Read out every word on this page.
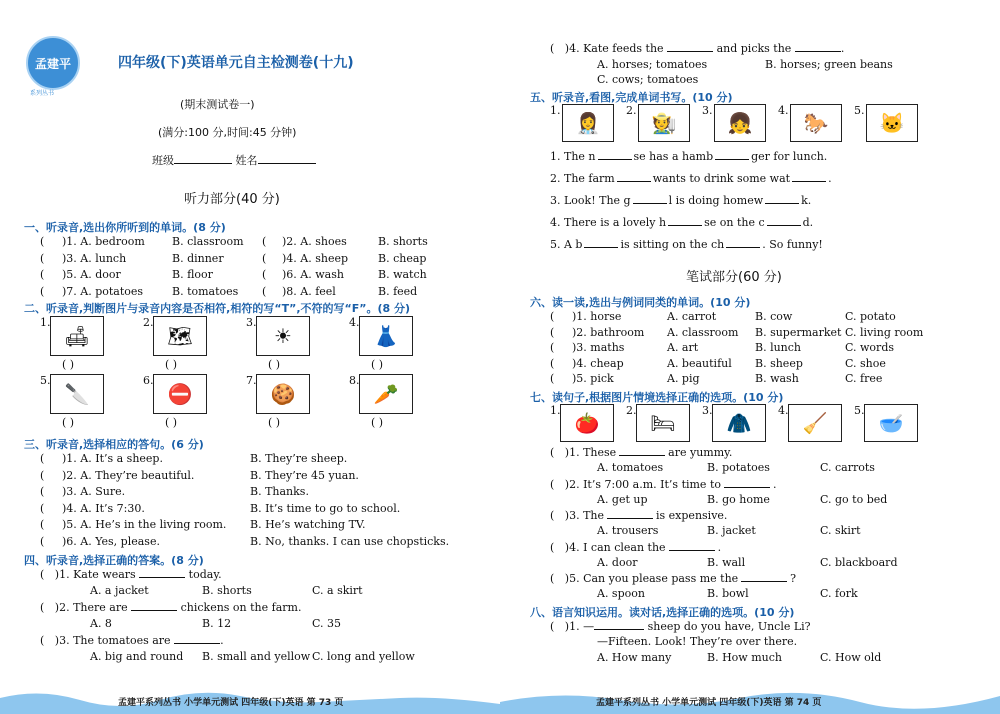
孟建平
系列丛书
四年级(下)英语单元自主检测卷(十九)
(期末测试卷一)
(满分:100 分,时间:45 分钟)
班级	姓名
听力部分(40 分)
一、听录音,选出你所听到的单词。(8 分)
( )1. A. bedroom B. classroom ( )2. A. shoes	B. shorts
( )3. A. lunch	B. dinner	( )4. A. sheep	B. cheap
( )5. A. door	B. floor	( )6. A. wash	B. watch
( )7. A. potatoes	B. tomatoes ( )8. A. feel	B. feed
二、听录音,判断图片与录音内容是否相符,相符的写“T”,不符的写“F”。(8 分)
1.
🛋
( )
2.
🗺
( )
3.
☀
( )
4.
👗
( )
5.
🔪
( )
6.
⛔
( )
7.
🍪
( )
8.
🥕
( )
三、听录音,选择相应的答句。(6 分)
( )1. A. It’s a sheep.	B. They’re sheep.
( )2. A. They’re beautiful.	B. They’re 45 yuan.
( )3. A. Sure.	B. Thanks.
( )4. A. It’s 7:30.	B. It’s time to go to school.
( )5. A. He’s in the living room. B. He’s watching TV.
( )6. A. Yes, please.	B. No, thanks. I can use chopsticks.
四、听录音,选择正确的答案。(8 分)
( )1. Kate wears	today.
A. a jacket	B. shorts	C. a skirt
( )2. There are	chickens on the farm.
A. 8	B. 12	C. 35
( )3. The tomatoes are	.
A. big and round B. small and yellow C. long and yellow
孟建平系列丛书 小学单元测试 四年级(下)英语 第 73 页
( )4. Kate feeds the	and picks the	.
A. horses; tomatoes	B. horses; green beans
C. cows; tomatoes
五、听录音,看图,完成单词书写。(10 分)
1.
👩‍⚕️
2.
🧑‍🌾
3.
👧
4.
🐎
5.
🐱
1. The n	se has a hamb	ger for lunch.
2. The farm	wants to drink some wat	.
3. Look! The g	l is doing homew	k.
4. There is a lovely h	se on the c	d.
5. A b	is sitting on the ch	. So funny!
笔试部分(60 分)
六、读一读,选出与例词同类的单词。(10 分)
( )1. horse	A. carrot	B. cow	C. potato
( )2. bathroom A. classroom B. supermarket C. living room
( )3. maths	A. art	B. lunch	C. words
( )4. cheap	A. beautiful B. sheep	C. shoe
( )5. pick	A. pig	B. wash	C. free
七、读句子,根据图片情境选择正确的选项。(10 分)
1.
🍅
2.
🛏
3.
🧥
4.
🧹
5.
🥣
( )1. These	are yummy.
A. tomatoes	B. potatoes	C. carrots
( )2. It’s 7:00 a.m. It’s time to	.
A. get up	B. go home	C. go to bed
( )3. The	is expensive.
A. trousers	B. jacket	C. skirt
( )4. I can clean the	.
A. door	B. wall	C. blackboard
( )5. Can you please pass me the	?
A. spoon	B. bowl	C. fork
八、语言知识运用。读对话,选择正确的选项。(10 分)
( )1. —	sheep do you have, Uncle Li?
—Fifteen. Look! They’re over there.
A. How many	B. How much	C. How old
孟建平系列丛书 小学单元测试 四年级(下)英语 第 74 页
